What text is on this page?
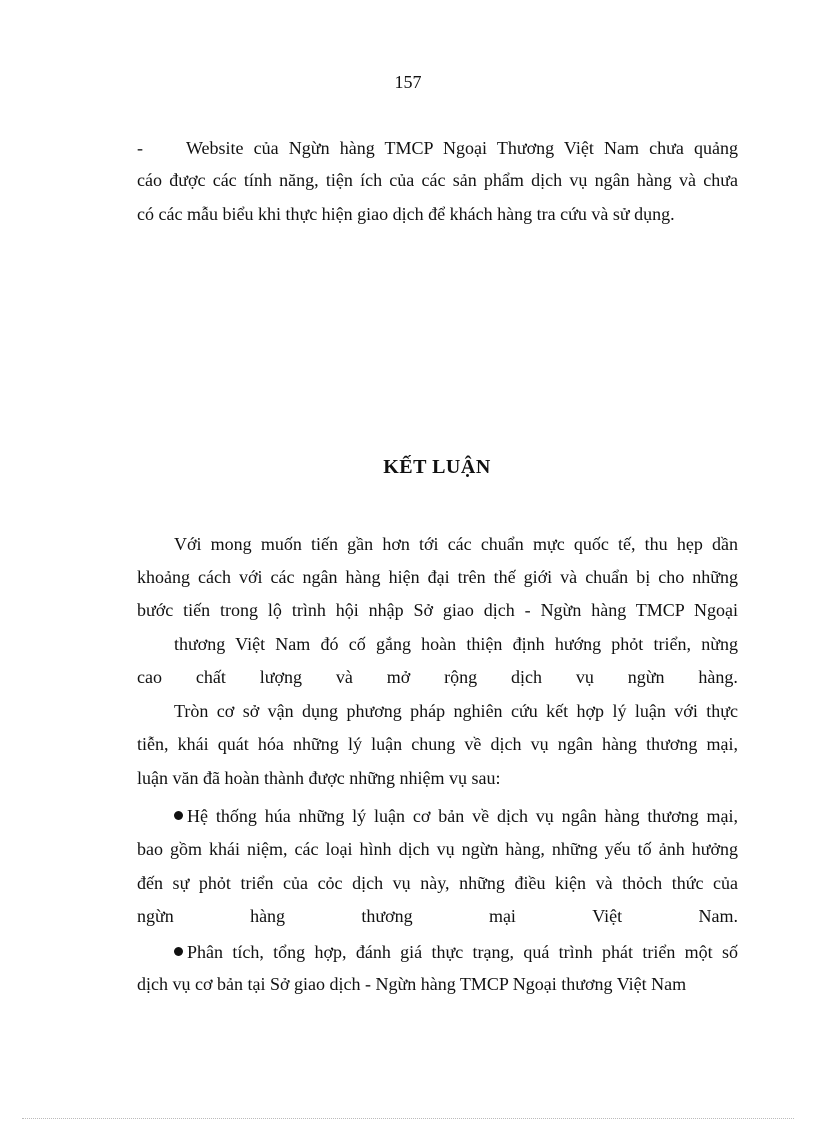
157
- Website của Ngừn hàng TMCP Ngoại Thương Việt Nam chưa quảng
cáo được các tính năng, tiện ích của các sản phẩm dịch vụ ngân hàng và chưa
có các mẫu biểu khi thực hiện giao dịch để khách hàng tra cứu và sử dụng.
KẾT LUẬN
Với mong muốn tiến gần hơn tới các chuẩn mực quốc tế, thu hẹp dần
khoảng cách với các ngân hàng hiện đại trên thế giới và chuẩn bị cho những
bước tiến trong lộ trình hội nhập Sở giao dịch - Ngừn hàng TMCP Ngoại
thương Việt Nam đó cố gắng hoàn thiện định hướng phỏt triển, nừng
cao chất lượng và mở rộng dịch vụ ngừn hàng.
Tròn cơ sở vận dụng phương pháp nghiên cứu kết hợp lý luận với thực
tiễn, khái quát hóa những lý luận chung về dịch vụ ngân hàng thương mại,
luận văn đã hoàn thành được những nhiệm vụ sau:
Hệ thống húa những lý luận cơ bản về dịch vụ ngân hàng thương mại,
bao gồm khái niệm, các loại hình dịch vụ ngừn hàng, những yếu tố ảnh hưởng
đến sự phỏt triển của cỏc dịch vụ này, những điều kiện và thỏch thức của
ngừn	hàng	thương	mại	Việt	Nam.
Phân tích, tổng hợp, đánh giá thực trạng, quá trình phát triển một số
dịch vụ cơ bản tại Sở giao dịch - Ngừn hàng TMCP Ngoại thương Việt Nam
